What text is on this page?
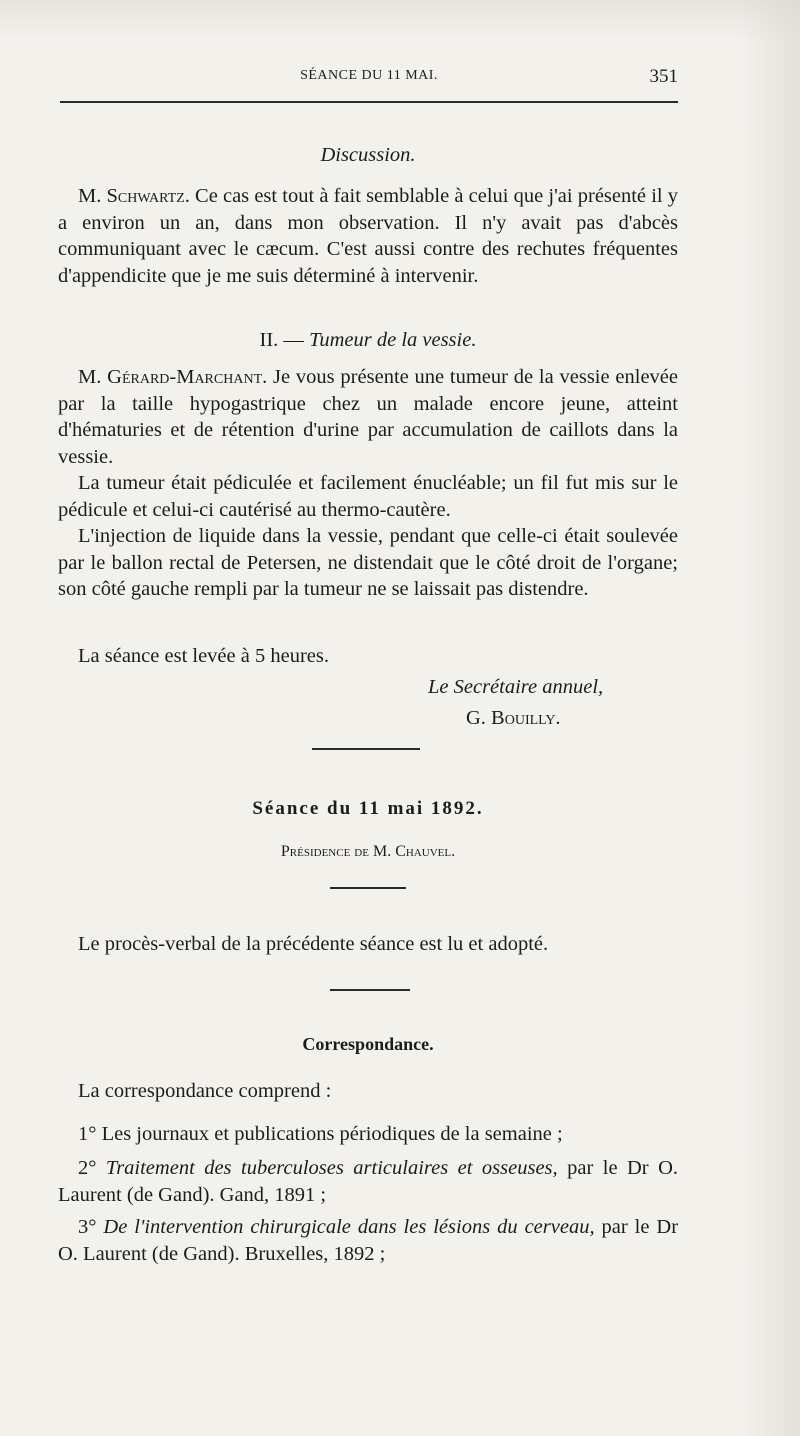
SÉANCE DU 11 MAI.	351
Discussion.
M. Schwartz. Ce cas est tout à fait semblable à celui que j'ai présenté il y a environ un an, dans mon observation. Il n'y avait pas d'abcès communiquant avec le cæcum. C'est aussi contre des rechutes fréquentes d'appendicite que je me suis déterminé à intervenir.
II. — Tumeur de la vessie.
M. Gérard-Marchant. Je vous présente une tumeur de la vessie enlevée par la taille hypogastrique chez un malade encore jeune, atteint d'hématuries et de rétention d'urine par accumulation de caillots dans la vessie.
La tumeur était pédiculée et facilement énucléable; un fil fut mis sur le pédicule et celui-ci cautérisé au thermo-cautère.
L'injection de liquide dans la vessie, pendant que celle-ci était soulevée par le ballon rectal de Petersen, ne distendait que le côté droit de l'organe; son côté gauche rempli par la tumeur ne se laissait pas distendre.
La séance est levée à 5 heures.
Le Secrétaire annuel,
G. Bouilly.
Séance du 11 mai 1892.
Présidence de M. Chauvel.
Le procès-verbal de la précédente séance est lu et adopté.
Correspondance.
La correspondance comprend :
1° Les journaux et publications périodiques de la semaine ;
2° Traitement des tuberculoses articulaires et osseuses, par le Dr O. Laurent (de Gand). Gand, 1891 ;
3° De l'intervention chirurgicale dans les lésions du cerveau, par le Dr O. Laurent (de Gand). Bruxelles, 1892 ;
